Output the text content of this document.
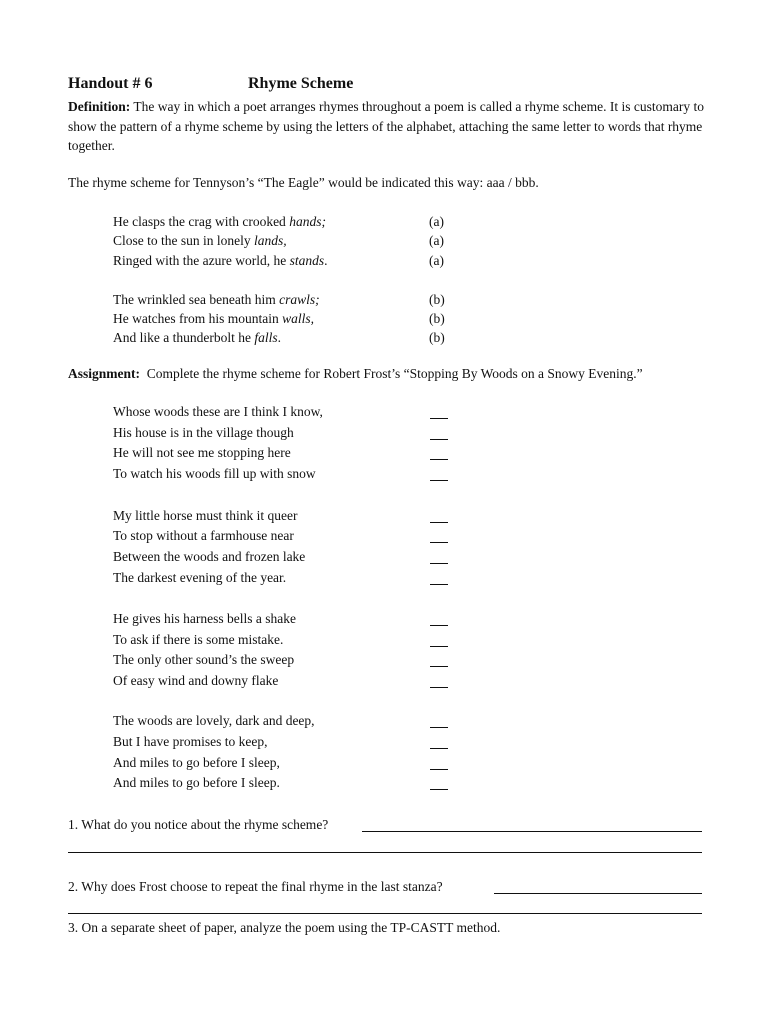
Handout # 6	Rhyme Scheme
Definition: The way in which a poet arranges rhymes throughout a poem is called a rhyme scheme. It is customary to show the pattern of a rhyme scheme by using the letters of the alphabet, attaching the same letter to words that rhyme together.
The rhyme scheme for Tennyson’s “The Eagle” would be indicated this way: aaa / bbb.
He clasps the crag with crooked hands;	(a)
Close to the sun in lonely lands,	(a)
Ringed with the azure world, he stands.	(a)
The wrinkled sea beneath him crawls;	(b)
He watches from his mountain walls,	(b)
And like a thunderbolt he falls.	(b)
Assignment: Complete the rhyme scheme for Robert Frost’s “Stopping By Woods on a Snowy Evening.”
Whose woods these are I think I know,
His house is in the village though
He will not see me stopping here
To watch his woods fill up with snow
My little horse must think it queer
To stop without a farmhouse near
Between the woods and frozen lake
The darkest evening of the year.
He gives his harness bells a shake
To ask if there is some mistake.
The only other sound’s the sweep
Of easy wind and downy flake
The woods are lovely, dark and deep,
But I have promises to keep,
And miles to go before I sleep,
And miles to go before I sleep.
1. What do you notice about the rhyme scheme?
2. Why does Frost choose to repeat the final rhyme in the last stanza?
3. On a separate sheet of paper, analyze the poem using the TP-CASTT method.
